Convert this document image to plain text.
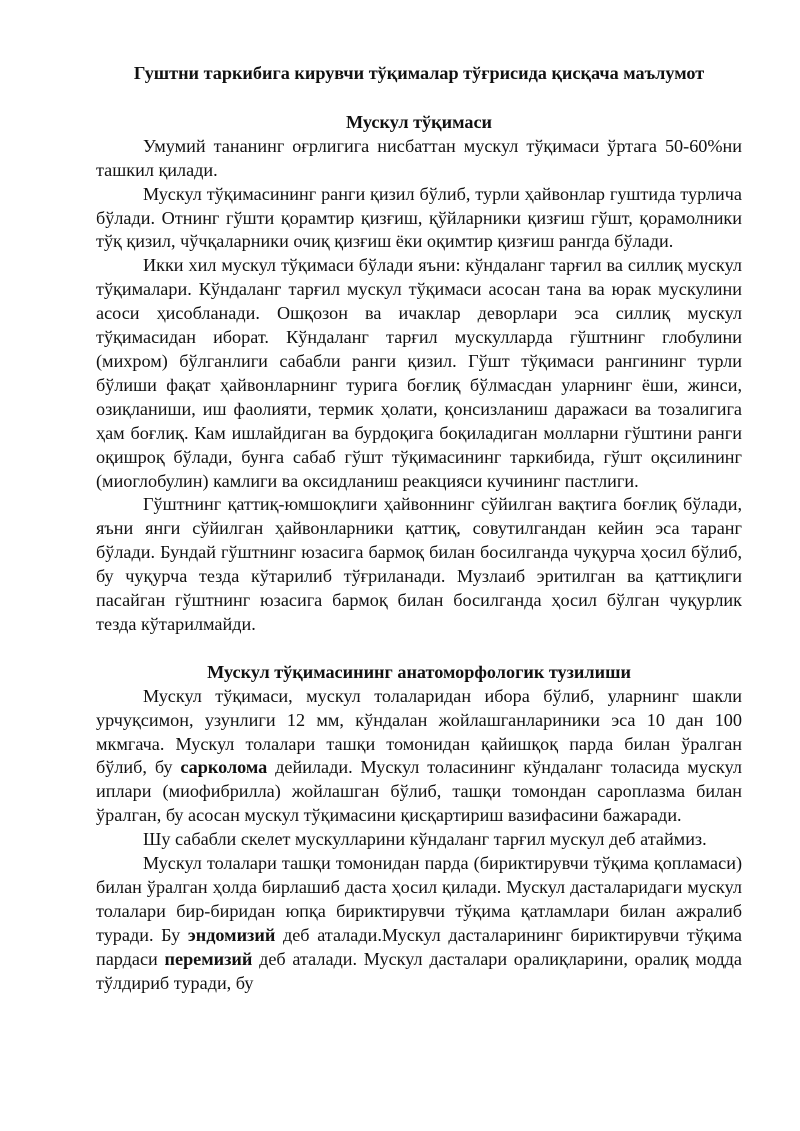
Гуштни таркибига кирувчи тўқималар тўғрисида қисқача маълумот

Мускул тўқимаси

Умумий тананинг оғрлигига нисбаттан мускул тўқимаси ўртага 50-60%ни ташкил қилади.

Мускул тўқимасининг ранги қизил бўлиб, турли ҳайвонлар гуштида турлича бўлади. Отнинг гўшти қорамтир қизғиш, қўйларники қизғиш гўшт, қорамолники тўқ қизил, чўчқаларники очиқ қизғиш ёки оқимтир қизғиш рангда бўлади.

Икки хил мускул тўқимаси бўлади яъни: кўндаланг тарғил ва силлиқ мускул тўқималари. Кўндаланг тарғил мускул тўқимаси асосан тана ва юрак мускулини асоси ҳисобланади. Ошқозон ва ичаклар деворлари эса силлиқ мускул тўқимасидан иборат. Кўндаланг тарғил мускулларда гўштнинг глобулини (михром) бўлганлиги сабабли ранги қизил. Гўшт тўқимаси рангининг турли бўлиши фақат ҳайвонларнинг турига боғлиқ бўлмасдан уларнинг ёши, жинси, озиқланиши, иш фаолияти, термик ҳолати, қонсизланиш даражаси ва тозалигига ҳам боғлиқ. Кам ишлайдиган ва бурдоқига боқиладиган молларни гўштини ранги оқишроқ бўлади, бунга сабаб гўшт тўқимасининг таркибида, гўшт оқсилининг (миоглобулин) камлиги ва оксидланиш реакцияси кучининг пастлиги.

Гўштнинг қаттиқ-юмшоқлиги ҳайвоннинг сўйилган вақтига боғлиқ бўлади, яъни янги сўйилган ҳайвонларники қаттиқ, совутилгандан кейин эса таранг бўлади. Бундай гўштнинг юзасига бармоқ билан босилганда чуқурча ҳосил бўлиб, бу чуқурча тезда кўтарилиб тўғриланади. Музлаиб эритилган ва қаттиқлиги пасайган гўштнинг юзасига бармоқ билан босилганда ҳосил бўлган чуқурлик тезда кўтарилмайди.

Мускул тўқимасининг анатоморфологик тузилиши

Мускул тўқимаси, мускул толаларидан ибора бўлиб, уларнинг шакли урчуқсимон, узунлиги 12 мм, кўндалан жойлашганлариники эса 10 дан 100 мкмгача. Мускул толалари ташқи томонидан қайишқоқ парда билан ўралган бўлиб, бу сарколома дейилади. Мускул толасининг кўндаланг толасида мускул иплари (миофибрилла) жойлашган бўлиб, ташқи томондан сароплазма билан ўралган, бу асосан мускул тўқимасини қисқартириш вазифасини бажаради.

Шу сабабли скелет мускулларини кўндаланг тарғил мускул деб атаймиз.

Мускул толалари ташқи томонидан парда (бириктирувчи тўқима қопламаси) билан ўралган ҳолда бирлашиб даста ҳосил қилади. Мускул дасталаридаги мускул толалари бир-биридан юпқа бириктирувчи тўқима қатламлари билан ажралиб туради. Бу эндомизий деб аталади.Мускул дасталарининг бириктирувчи тўқима пардаси перемизий деб аталади. Мускул дасталари оралиқларини, оралиқ модда тўлдириб туради, бу
